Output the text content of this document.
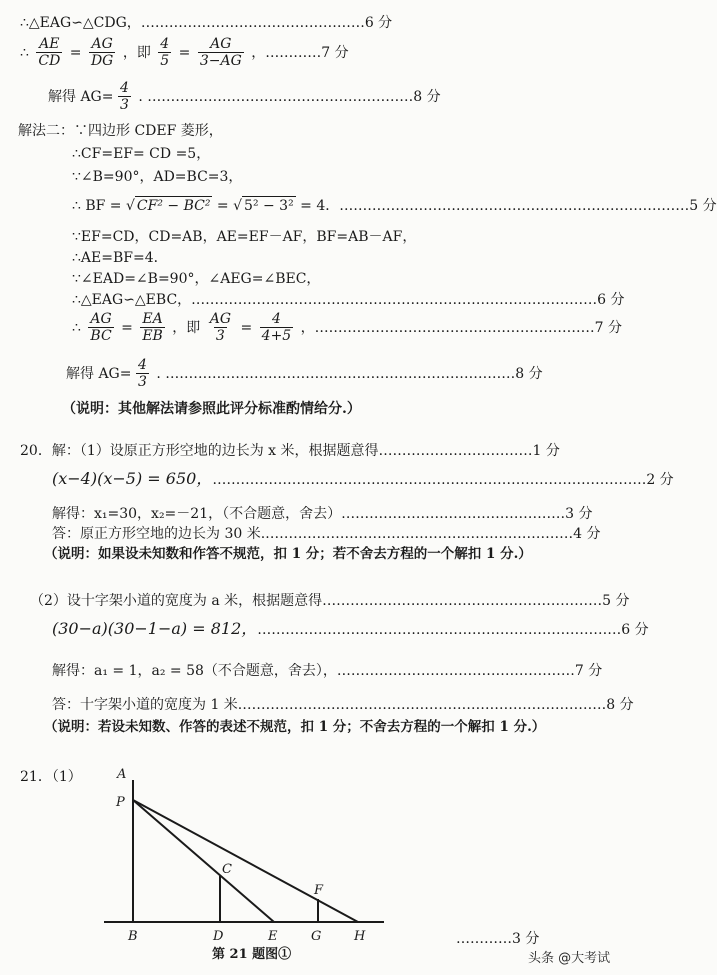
∴△EAG∽△CDG，…………………………………………6 分
∴ $\frac{AE}{CD} = \frac{AG}{DG}$ ，即 $\frac{4}{5} = \frac{AG}{3-AG}$ ，…………7 分
解得 $AG= \frac{4}{3}$ . …………………………………………………8 分
解法二：∵四边形 CDEF 菱形，
∴CF=EF= CD =5，
∵∠B=90°，AD=BC=3，
∴ BF = √ CF² − BC² = √ 5² − 3² = 4．…………………………………………………………………5 分
∵EF=CD，CD=AB，AE=EF－AF，BF=AB－AF，
∴AE=BF=4．
∵∠EAD=∠B=90°，∠AEG=∠BEC，
∴△EAG∽△EBC，……………………………………………………………………………6 分
∴ $\frac{AG}{BC} = \frac{EA}{EB}$ ，即 $\frac{AG}{3} = \frac{4}{4+5}$ ，……………………………………………………7 分
解得 $AG= \frac{4}{3}$ . …………………………………………………………………8 分
（说明：其他解法请参照此评分标准酌情给分.）
20．解：（1）设原正方形空地的边长为 x 米，根据题意得……………………………1 分
(x−4)(x−5) = 650，…………………………………………………………………………………2 分
解得：x₁=30，x₂=－21，（不合题意，舍去）…………………………………………3 分
答：原正方形空地的边长为 30 米.…………………………………………………………4 分
（说明：如果设未知数和作答不规范，扣 1 分；若不舍去方程的一个解扣 1 分.）
（2）设十字架小道的宽度为 a 米，根据题意得……………………………………………………5 分
(30−a)(30−1−a) = 812，……………………………………………………………………6 分
解得：a₁ = 1，a₂ = 58（不合题意，舍去），……………………………………………7 分
答：十字架小道的宽度为 1 米.……………………………………………………………………8 分
（说明：若设未知数、作答的表述不规范，扣 1 分；不舍去方程的一个解扣 1 分.）
21．（1）	A
P
C
F
B	D	E	G	H
第 21 题图①
…………3 分
头条 @大考试
